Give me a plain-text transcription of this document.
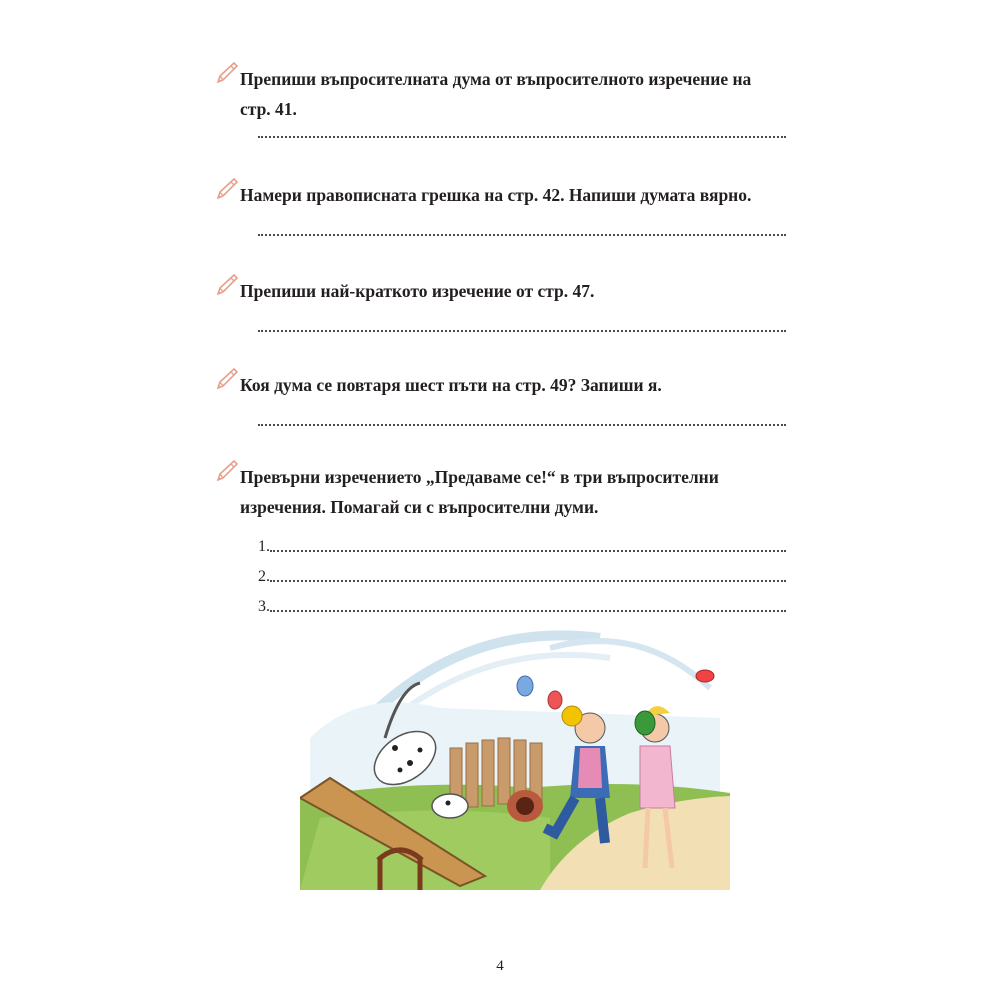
Препиши въпросителната дума от въпросителното изречение на
стр. 41.
Намери правописната грешка на стр. 42. Напиши думата вярно.
Препиши най-краткото изречение от стр. 47.
Коя дума се повтаря шест пъти на стр. 49? Запиши я.
Превърни изречението „Предаваме се!“ в три въпросителни
изречения. Помагай си с въпросителни думи.
1.
2.
3.
4
